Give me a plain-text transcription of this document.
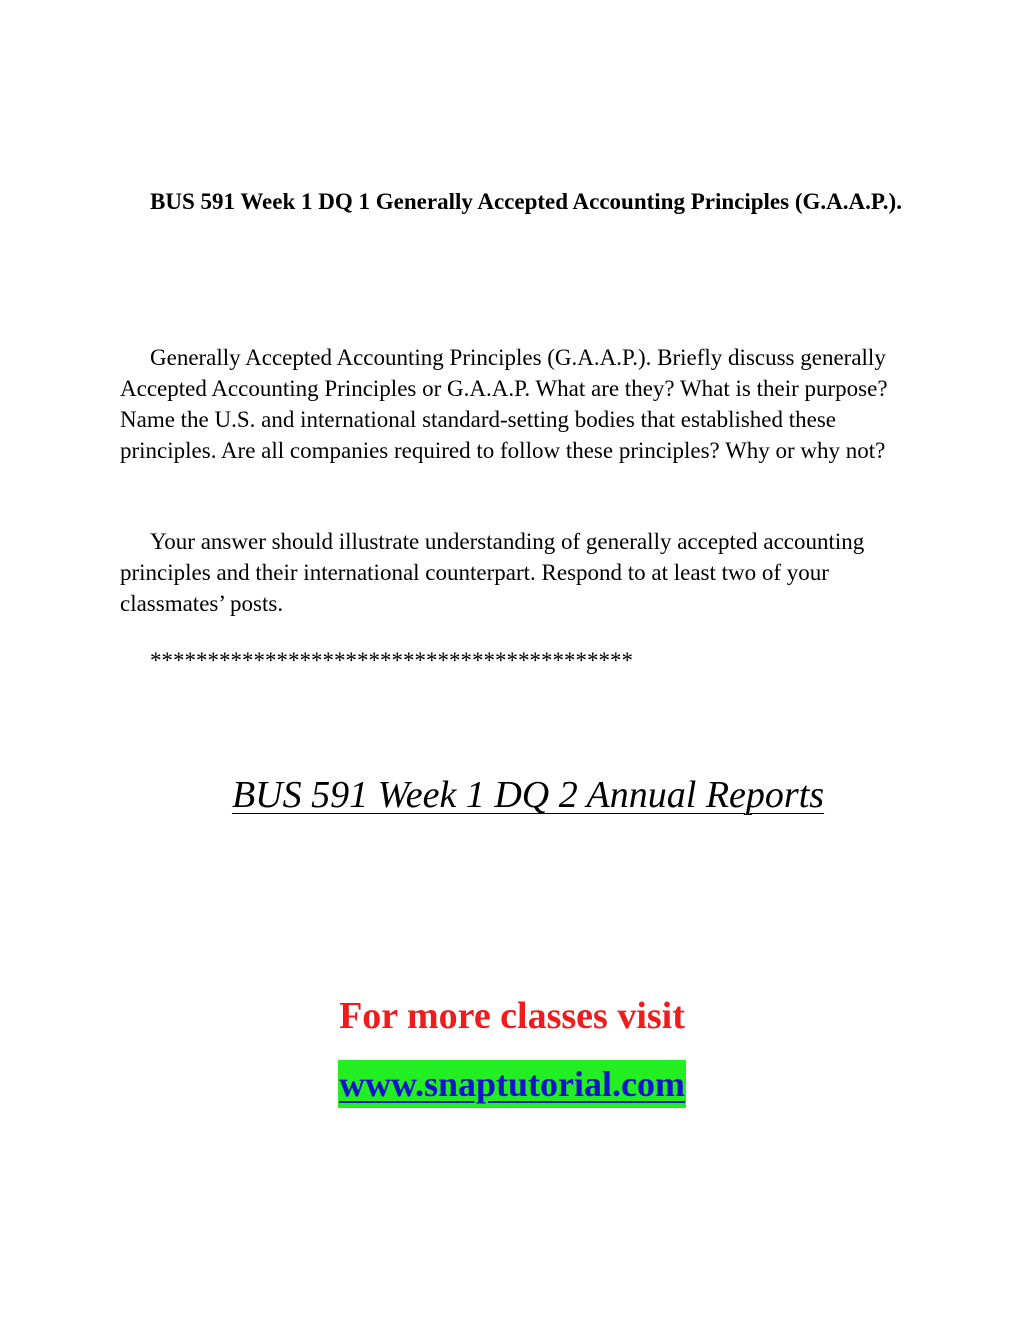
BUS 591 Week 1 DQ 1 Generally Accepted Accounting Principles (G.A.A.P.).

Generally Accepted Accounting Principles (G.A.A.P.). Briefly discuss generally Accepted Accounting Principles or G.A.A.P. What are they? What is their purpose? Name the U.S. and international standard-setting bodies that established these principles. Are all companies required to follow these principles? Why or why not?

Your answer should illustrate understanding of generally accepted accounting principles and their international counterpart. Respond to at least two of your classmates’ posts.

******************************************

BUS 591 Week 1 DQ 2 Annual Reports

For more classes visit

www.snaptutorial.com
